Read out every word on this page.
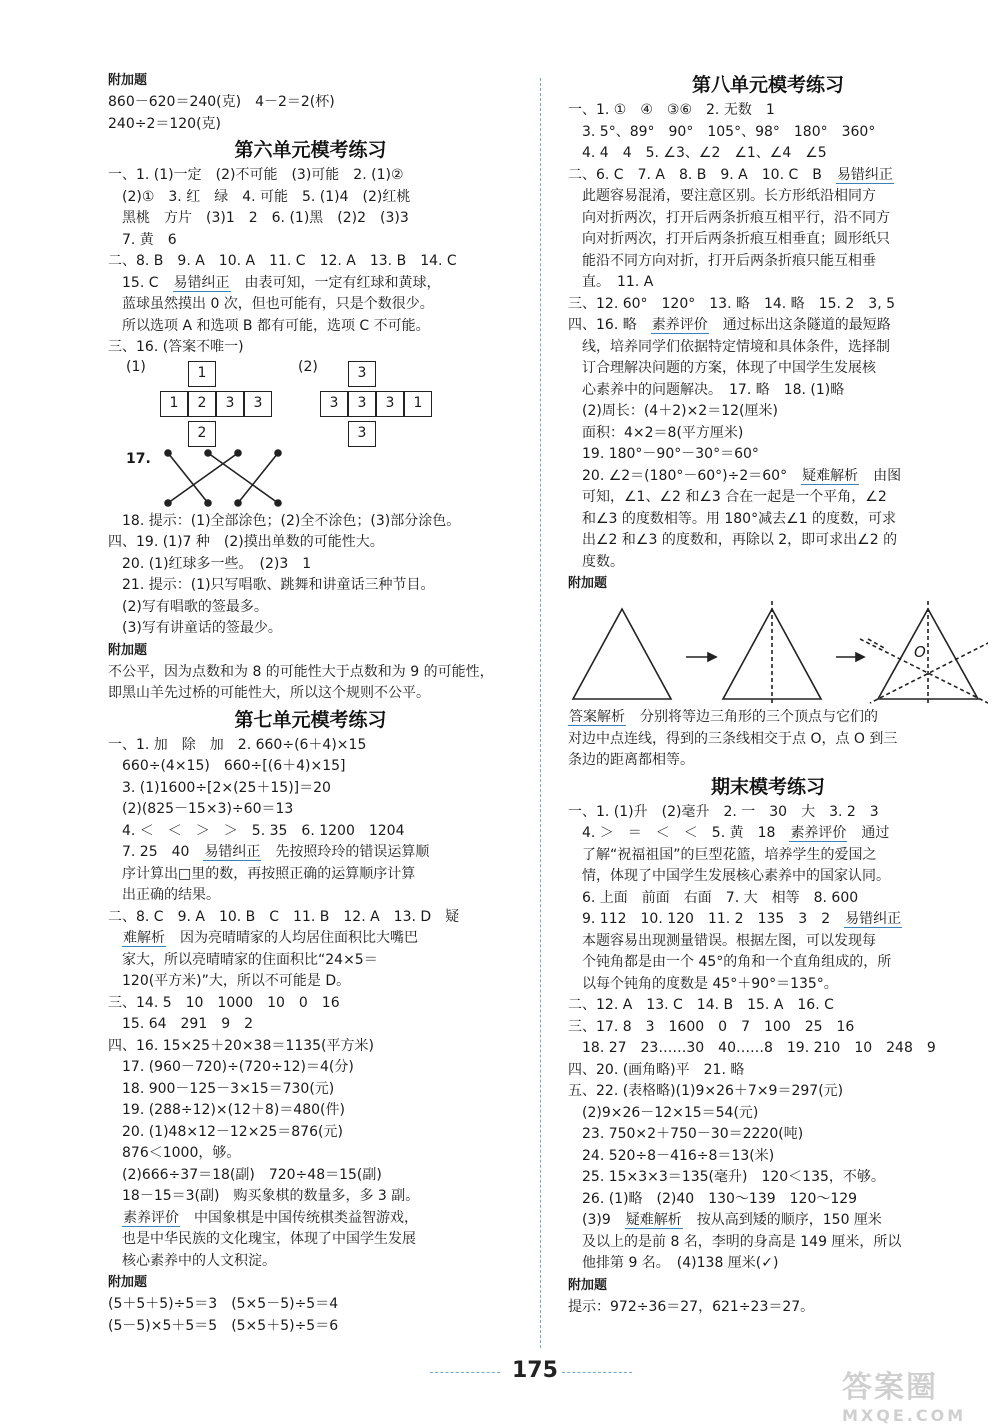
附加题
860－620＝240(克)　4－2＝2(杯)
240÷2＝120(克)
第六单元模考练习
一、1. (1)一定　(2)不可能　(3)可能　2. (1)②
　(2)①　3. 红　绿　4. 可能　5. (1)4　(2)红桃
　黑桃　方片　(3)1　2　6. (1)黑　(2)2　(3)3
　7. 黄　6
二、8. B　9. A　10. A　11. C　12. A　13. B　14. C
　15. C　易错纠正　由表可知，一定有红球和黄球，
　蓝球虽然摸出 0 次，但也可能有，只是个数很少。
　所以选项 A 和选项 B 都有可能，选项 C 不可能。
三、16. (答案不唯一)
(1)	(2)
1
1	2	3	3
2
3
3	3	3	1
3
17.
　18. 提示：(1)全部涂色；(2)全不涂色；(3)部分涂色。
四、19. (1)7 种　(2)摸出单数的可能性大。
　20. (1)红球多一些。　(2)3　1
　21. 提示：(1)只写唱歌、跳舞和讲童话三种节目。
　(2)写有唱歌的签最多。
　(3)写有讲童话的签最少。
附加题
不公平，因为点数和为 8 的可能性大于点数和为 9 的可能性，即黑山羊先过桥的可能性大，所以这个规则不公平。
第七单元模考练习
一、1. 加　除　加　2. 660÷(6＋4)×15
　660÷(4×15)　660÷[(6＋4)×15]
　3. (1)1600÷[2×(25＋15)]＝20
　(2)(825－15×3)÷60＝13
　4. ＜　＜　＞　＞　5. 35　6. 1200　1204
　7. 25　40　易错纠正　先按照玲玲的错误运算顺
　序计算出□里的数，再按照正确的运算顺序计算
　出正确的结果。
二、8. C　9. A　10. B　C　11. B　12. A　13. D　疑
　难解析　因为亮晴晴家的人均居住面积比大嘴巴
　家大，所以亮晴晴家的住面积比“24×5＝
　120(平方米)”大，所以不可能是 D。
三、14. 5　10　1000　10　0　16
　15. 64　291　9　2
四、16. 15×25＋20×38＝1135(平方米)
　17. (960－720)÷(720÷12)＝4(分)
　18. 900－125－3×15＝730(元)
　19. (288÷12)×(12＋8)＝480(件)
　20. (1)48×12－12×25＝876(元)
　876＜1000，够。
　(2)666÷37＝18(副)　720÷48＝15(副)
　18－15＝3(副)　购买象棋的数量多，多 3 副。
　素养评价　中国象棋是中国传统棋类益智游戏，
　也是中华民族的文化瑰宝，体现了中国学生发展
　核心素养中的人文积淀。
附加题
(5＋5＋5)÷5＝3　(5×5－5)÷5＝4
(5－5)×5＋5＝5　(5×5＋5)÷5＝6
第八单元模考练习
一、1. ①　④　③⑥　2. 无数　1
　3. 5°、89°　90°　105°、98°　180°　360°
　4. 4　4　5. ∠3、∠2　∠1、∠4　∠5
二、6. C　7. A　8. B　9. A　10. C　B　易错纠正
　此题容易混淆，要注意区别。长方形纸沿相同方
　向对折两次，打开后两条折痕互相平行，沿不同方
　向对折两次，打开后两条折痕互相垂直；圆形纸只
　能沿不同方向对折，打开后两条折痕只能互相垂
　直。　11. A
三、12. 60°　120°　13. 略　14. 略　15. 2　3, 5
四、16. 略　素养评价　通过标出这条隧道的最短路
　线，培养同学们依据特定情境和具体条件，选择制
　订合理解决问题的方案，体现了中国学生发展核
　心素养中的问题解决。　17. 略　18. (1)略
　(2)周长：(4＋2)×2＝12(厘米)
　面积：4×2＝8(平方厘米)
　19. 180°－90°－30°＝60°
　20. ∠2＝(180°－60°)÷2＝60°　疑难解析　由图
　可知，∠1、∠2 和∠3 合在一起是一个平角，∠2
　和∠3 的度数相等。用 180°减去∠1 的度数，可求
　出∠2 和∠3 的度数和，再除以 2，即可求出∠2 的
　度数。
附加题
O
答案解析　分别将等边三角形的三个顶点与它们的
对边中点连线，得到的三条线相交于点 O，点 O 到三
条边的距离都相等。
期末模考练习
一、1. (1)升　(2)毫升　2. 一　30　大　3. 2　3
　4. ＞　＝　＜　＜　5. 黄　18　素养评价　通过
　了解“祝福祖国”的巨型花篮，培养学生的爱国之
　情，体现了中国学生发展核心素养中的国家认同。
　6. 上面　前面　右面　7. 大　相等　8. 600
　9. 112　10. 120　11. 2　135　3　2　易错纠正
　本题容易出现测量错误。根据左图，可以发现每
　个钝角都是由一个 45°的角和一个直角组成的，所
　以每个钝角的度数是 45°＋90°＝135°。
二、12. A　13. C　14. B　15. A　16. C
三、17. 8　3　1600　0　7　100　25　16
　18. 27　23……30　40……8　19. 210　10　248　9
四、20. (画角略)平　21. 略
五、22. (表格略)(1)9×26＋7×9＝297(元)
　(2)9×26－12×15＝54(元)
　23. 750×2＋750－30＝2220(吨)
　24. 520÷8－416÷8＝13(米)
　25. 15×3×3＝135(毫升)　120＜135，不够。
　26. (1)略　(2)40　130～139　120～129
　(3)9　疑难解析　按从高到矮的顺序，150 厘米
　及以上的是前 8 名，李明的身高是 149 厘米，所以
　他排第 9 名。　(4)138 厘米(✓)
附加题
提示：972÷36＝27，621÷23＝27。
175	答案圈
MXQE.COM
